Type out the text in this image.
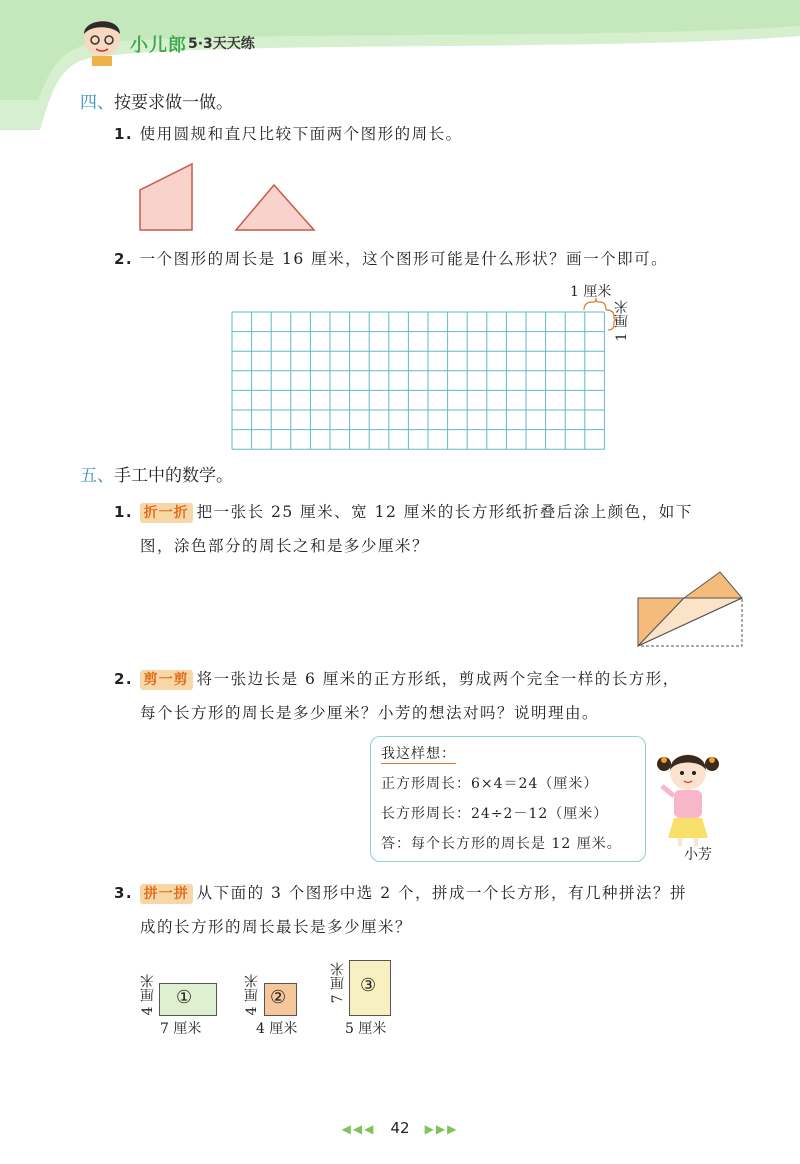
小儿郎 5·3天天练
四、按要求做一做。
1. 使用圆规和直尺比较下面两个图形的周长。
2. 一个图形的周长是 16 厘米，这个图形可能是什么形状？画一个即可。
1 厘米
1 厘米
五、手工中的数学。
1. 折一折 把一张长 25 厘米、宽 12 厘米的长方形纸折叠后涂上颜色，如下
图，涂色部分的周长之和是多少厘米？
2. 剪一剪 将一张边长是 6 厘米的正方形纸，剪成两个完全一样的长方形，
每个长方形的周长是多少厘米？小芳的想法对吗？说明理由。
我这样想：
正方形周长：6×4＝24（厘米）
长方形周长：24÷2－12（厘米）
答：每个长方形的周长是 12 厘米。
小芳
3. 拼一拼 从下面的 3 个图形中选 2 个，拼成一个长方形，有几种拼法？拼
成的长方形的周长最长是多少厘米？
①
4 厘米
7 厘米
②
4 厘米
4 厘米
③
7 厘米
5 厘米
◀◀◀ 42 ▶▶▶
